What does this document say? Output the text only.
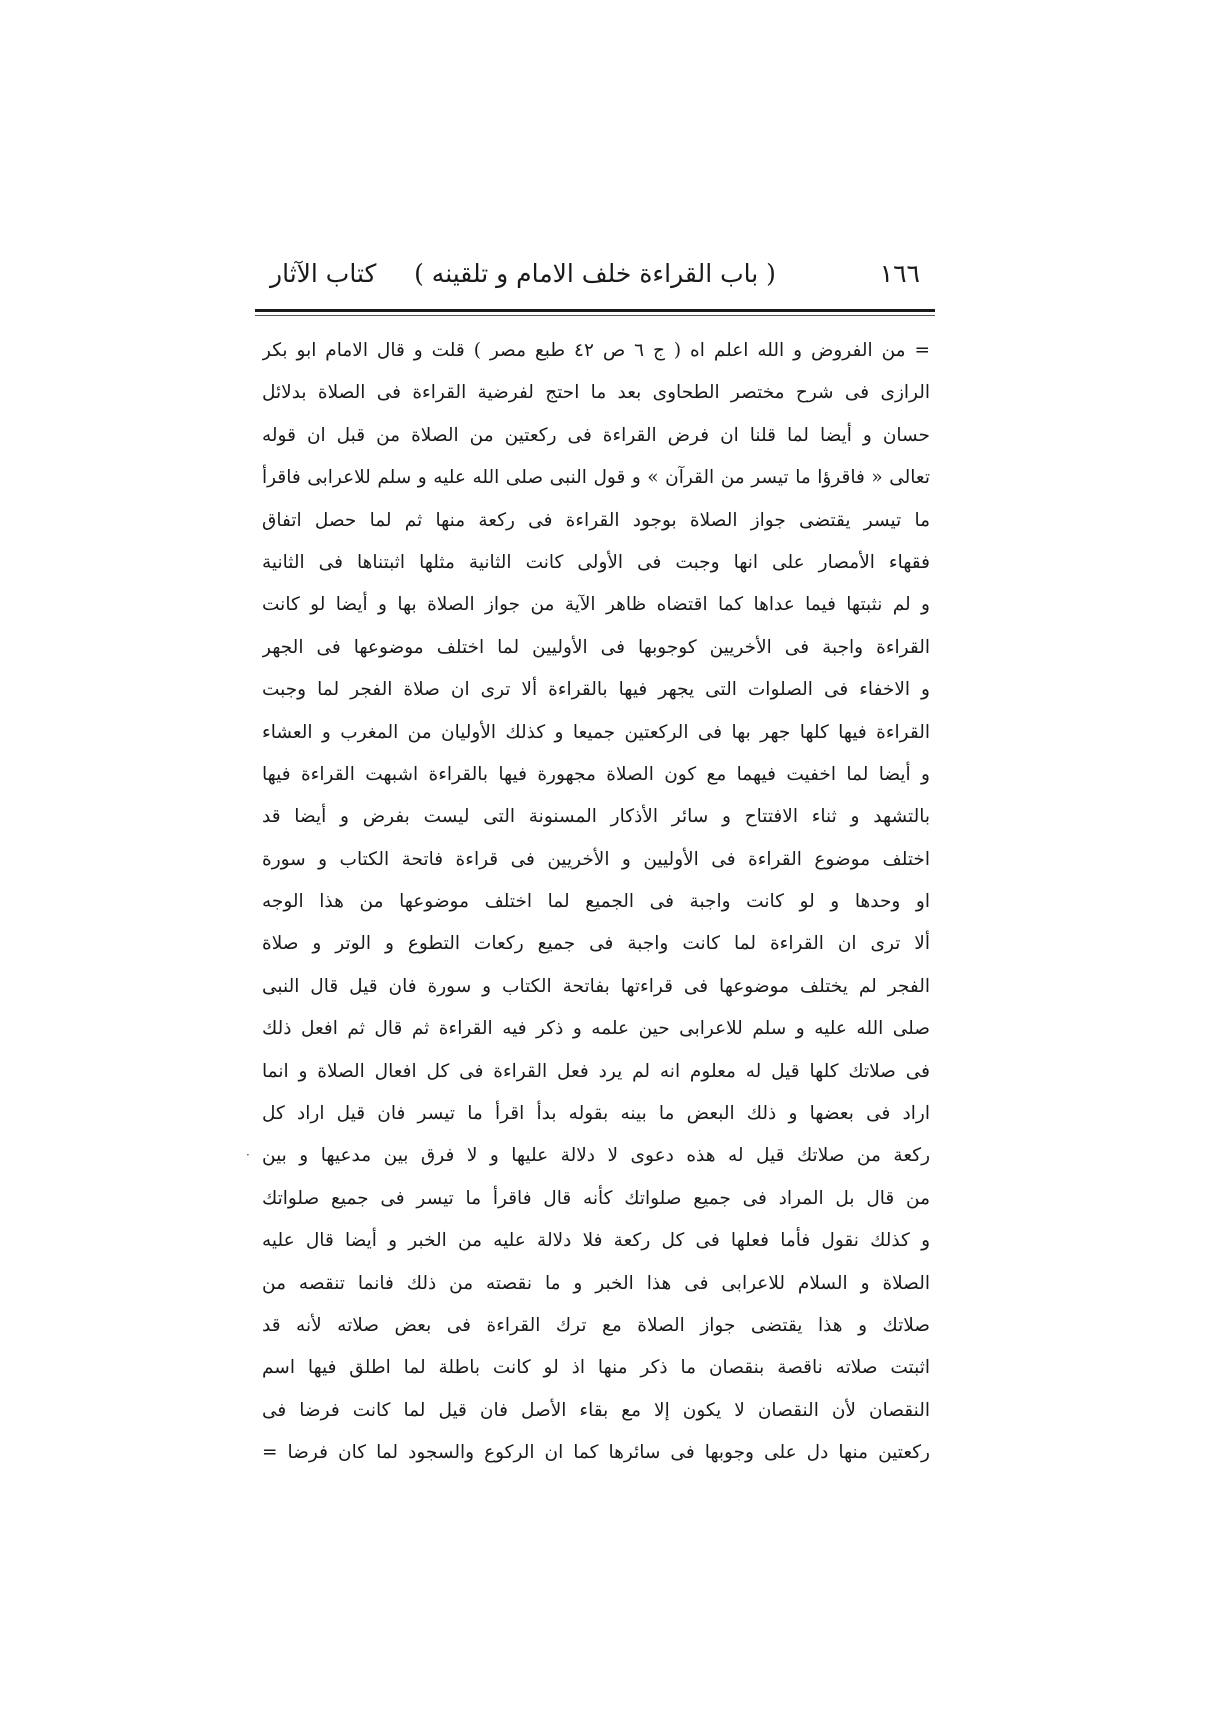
١٦٦
( باب القراءة خلف الامام و تلقينه )
كتاب الآثار
·
= من الفروض و الله اعلم اه ( ج ٦ ص ٤٢ طبع مصر ) قلت و قال الامام ابو بكر
الرازى فى شرح مختصر الطحاوى بعد ما احتج لفرضية القراءة فى الصلاة بدلائل
حسان و أيضا لما قلنا ان فرض القراءة فى ركعتين من الصلاة من قبل ان قوله
تعالى « فاقرؤا ما تيسر من القرآن » و قول النبى صلى الله عليه و سلم للاعرابى فاقرأ
ما تيسر يقتضى جواز الصلاة بوجود القراءة فى ركعة منها ثم لما حصل اتفاق
فقهاء الأمصار على انها وجبت فى الأولى كانت الثانية مثلها اثبتناها فى الثانية
و لم نثبتها فيما عداها كما اقتضاه ظاهر الآية من جواز الصلاة بها و أيضا لو كانت
القراءة واجبة فى الأخريين كوجوبها فى الأوليين لما اختلف موضوعها فى الجهر
و الاخفاء فى الصلوات التى يجهر فيها بالقراءة ألا ترى ان صلاة الفجر لما وجبت
القراءة فيها كلها جهر بها فى الركعتين جميعا و كذلك الأوليان من المغرب و العشاء
و أيضا لما اخفيت فيهما مع كون الصلاة مجهورة فيها بالقراءة اشبهت القراءة فيها
بالتشهد و ثناء الافتتاح و سائر الأذكار المسنونة التى ليست بفرض و أيضا قد
اختلف موضوع القراءة فى الأوليين و الأخريين فى قراءة فاتحة الكتاب و سورة
او وحدها و لو كانت واجبة فى الجميع لما اختلف موضوعها من هذا الوجه
ألا ترى ان القراءة لما كانت واجبة فى جميع ركعات التطوع و الوتر و صلاة
الفجر لم يختلف موضوعها فى قراءتها بفاتحة الكتاب و سورة فان قيل قال النبى
صلى الله عليه و سلم للاعرابى حين علمه و ذكر فيه القراءة ثم قال ثم افعل ذلك
فى صلاتك كلها قيل له معلوم انه لم يرد فعل القراءة فى كل افعال الصلاة و انما
اراد فى بعضها و ذلك البعض ما بينه بقوله بدأ اقرأ ما تيسر فان قيل اراد كل
ركعة من صلاتك قيل له هذه دعوى لا دلالة عليها و لا فرق بين مدعيها و بين
من قال بل المراد فى جميع صلواتك كأنه قال فاقرأ ما تيسر فى جميع صلواتك
و كذلك نقول فأما فعلها فى كل ركعة فلا دلالة عليه من الخبر و أيضا قال عليه
الصلاة و السلام للاعرابى فى هذا الخبر و ما نقصته من ذلك فانما تنقصه من
صلاتك و هذا يقتضى جواز الصلاة مع ترك القراءة فى بعض صلاته لأنه قد
اثبتت صلاته ناقصة بنقصان ما ذكر منها اذ لو كانت باطلة لما اطلق فيها اسم
النقصان لأن النقصان لا يكون إلا مع بقاء الأصل فان قيل لما كانت فرضا فى
ركعتين منها دل على وجوبها فى سائرها كما ان الركوع والسجود لما كان فرضا =
